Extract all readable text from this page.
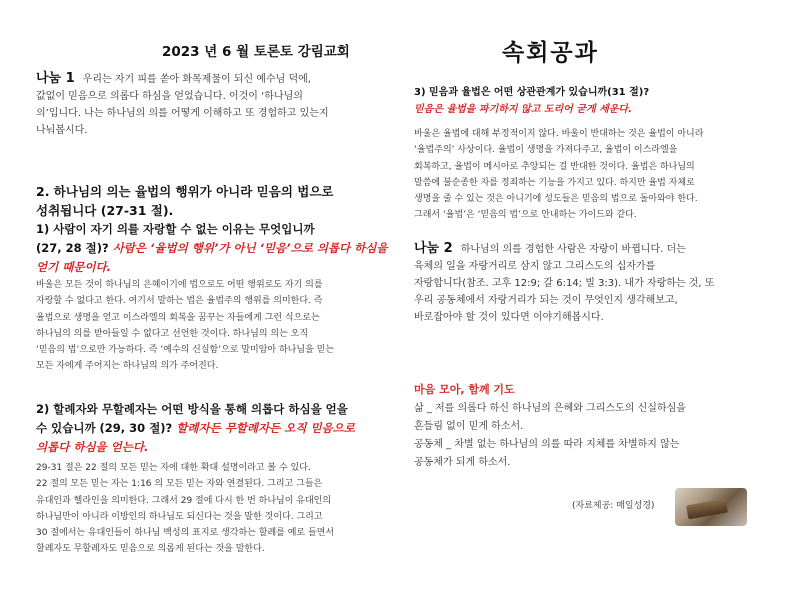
2023 년 6 월 토론토 강림교회	속회공과
나눔 1 우리는 자기 피를 쏟아 화목제물이 되신 예수님 덕에,
값없이 믿음으로 의롭다 하심을 얻었습니다. 이것이 ‘하나님의
의’입니다. 나는 하나님의 의를 어떻게 이해하고 또 경험하고 있는지
나눠봅시다.
2. 하나님의 의는 율법의 행위가 아니라 믿음의 법으로
성취됩니다 (27-31 절).
1) 사람이 자기 의를 자랑할 수 없는 이유는 무엇입니까
(27, 28 절)? 사람은 ‘율법의 행위’가 아닌 ‘믿음’으로 의롭다 하심을
얻기 때문이다.
바울은 모든 것이 하나님의 은혜이기에 법으로도 어떤 행위로도 자기 의를
자랑할 수 없다고 한다. 여기서 말하는 법은 율법주의 행위를 의미한다. 즉
율법으로 생명을 얻고 이스라엘의 회복을 꿈꾸는 자들에게 그런 식으로는
하나님의 의를 받아들일 수 없다고 선언한 것이다. 하나님의 의는 오직
‘믿음의 법’으로만 가능하다. 즉 ‘예수의 신실함’으로 말미암아 하나님을 믿는
모든 자에게 주어지는 하나님의 의가 주어진다.
2) 할례자와 무할례자는 어떤 방식을 통해 의롭다 하심을 얻을
수 있습니까 (29, 30 절)? 할례자든 무할례자든 오직 믿음으로
의롭다 하심을 얻는다.
29-31 절은 22 절의 모든 믿는 자에 대한 확대 설명이라고 볼 수 있다.
22 절의 모든 믿는 자는 1:16 의 모든 믿는 자와 연결된다. 그리고 그들은
유대인과 헬라인을 의미한다. 그래서 29 절에 다시 한 번 하나님이 유대인의
하나님만이 아니라 이방인의 하나님도 되신다는 것을 말한 것이다. 그리고
30 절에서는 유대인들이 하나님 백성의 표지로 생각하는 할례를 예로 들면서
할례자도 무할례자도 믿음으로 의롭게 된다는 것을 말한다.
3) 믿음과 율법은 어떤 상관관계가 있습니까(31 절)?
믿음은 율법을 파기하지 않고 도리어 굳게 세운다.
바울은 율법에 대해 부정적이지 않다. 바울이 반대하는 것은 율법이 아니라
‘율법주의’ 사상이다. 율법이 생명을 가져다주고, 율법이 이스라엘을
회복하고, 율법이 메시아로 추앙되는 걸 반대한 것이다. 율법은 하나님의
말씀에 불순종한 자를 정죄하는 기능을 가지고 있다. 하지만 율법 자체로
생명을 줄 수 있는 것은 아니기에 성도들은 믿음의 법으로 돌아와야 한다.
그래서 ‘율법’은 ‘믿음의 법’으로 안내하는 가이드와 같다.
나눔 2 하나님의 의를 경험한 사람은 자랑이 바뀝니다. 더는
육체의 일을 자랑거리로 삼지 않고 그리스도의 십자가를
자랑합니다(참조. 고후 12:9; 갈 6:14; 빌 3:3). 내가 자랑하는 것, 또
우리 공동체에서 자랑거리가 되는 것이 무엇인지 생각해보고,
바로잡아야 할 것이 있다면 이야기해봅시다.
마음 모아, 함께 기도
삶 _ 저를 의롭다 하신 하나님의 은혜와 그리스도의 신실하심을
흔들림 없이 믿게 하소서.
공동체 _ 차별 없는 하나님의 의를 따라 지체를 차별하지 않는
공동체가 되게 하소서.
(자료제공: 매일성경)
